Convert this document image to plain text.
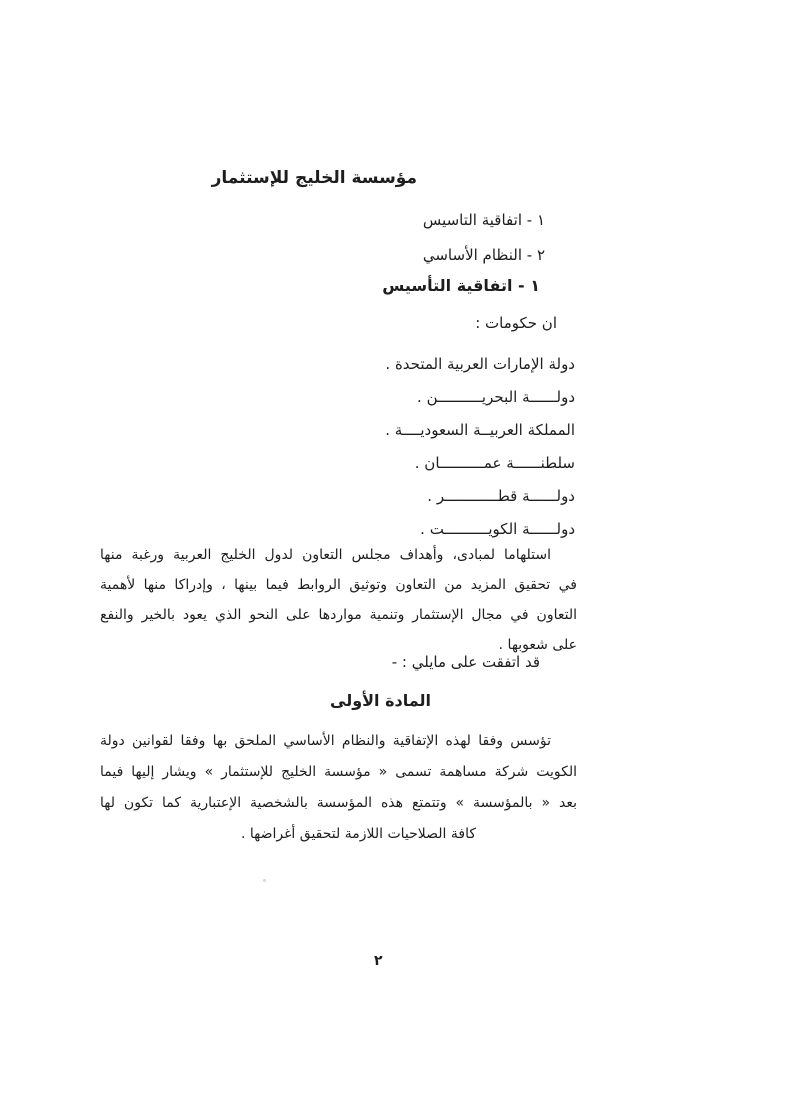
مؤسسة الخليج للإستثمار
١ - اتفاقية التاسيس
٢ - النظام الأساسي
١ - اتفاقية التأسيس
ان حكومات :
دولة الإمارات العربية المتحدة .
دولــــــة البحريــــــــــن .
المملكة العربيــة السعوديــــة .
سلطنــــــة عمــــــــــان .
دولــــــة قطــــــــــــر .
دولــــــة الكويــــــــــت .
استلهاما لمبادى، وأهداف مجلس التعاون لدول الخليج العربية ورغبة منها
في تحقيق المزيد من التعاون وتوثيق الروابط فيما بينها ، وإدراكا منها لأهمية
التعاون في مجال الإستثمار وتنمية مواردها على النحو الذي يعود بالخير والنفع
على شعوبها .
قد اتفقت على مايلي : -
المادة الأولى
تؤسس وفقا لهذه الإتفاقية والنظام الأساسي الملحق بها وفقا لقوانين دولة
الكويت شركة مساهمة تسمى « مؤسسة الخليج للإستثمار » ويشار إليها فيما
بعد « بالمؤسسة » وتتمتع هذه المؤسسة بالشخصية الإعتبارية كما تكون لها
كافة الصلاحيات اللازمة لتحقيق أغراضها .
٢
